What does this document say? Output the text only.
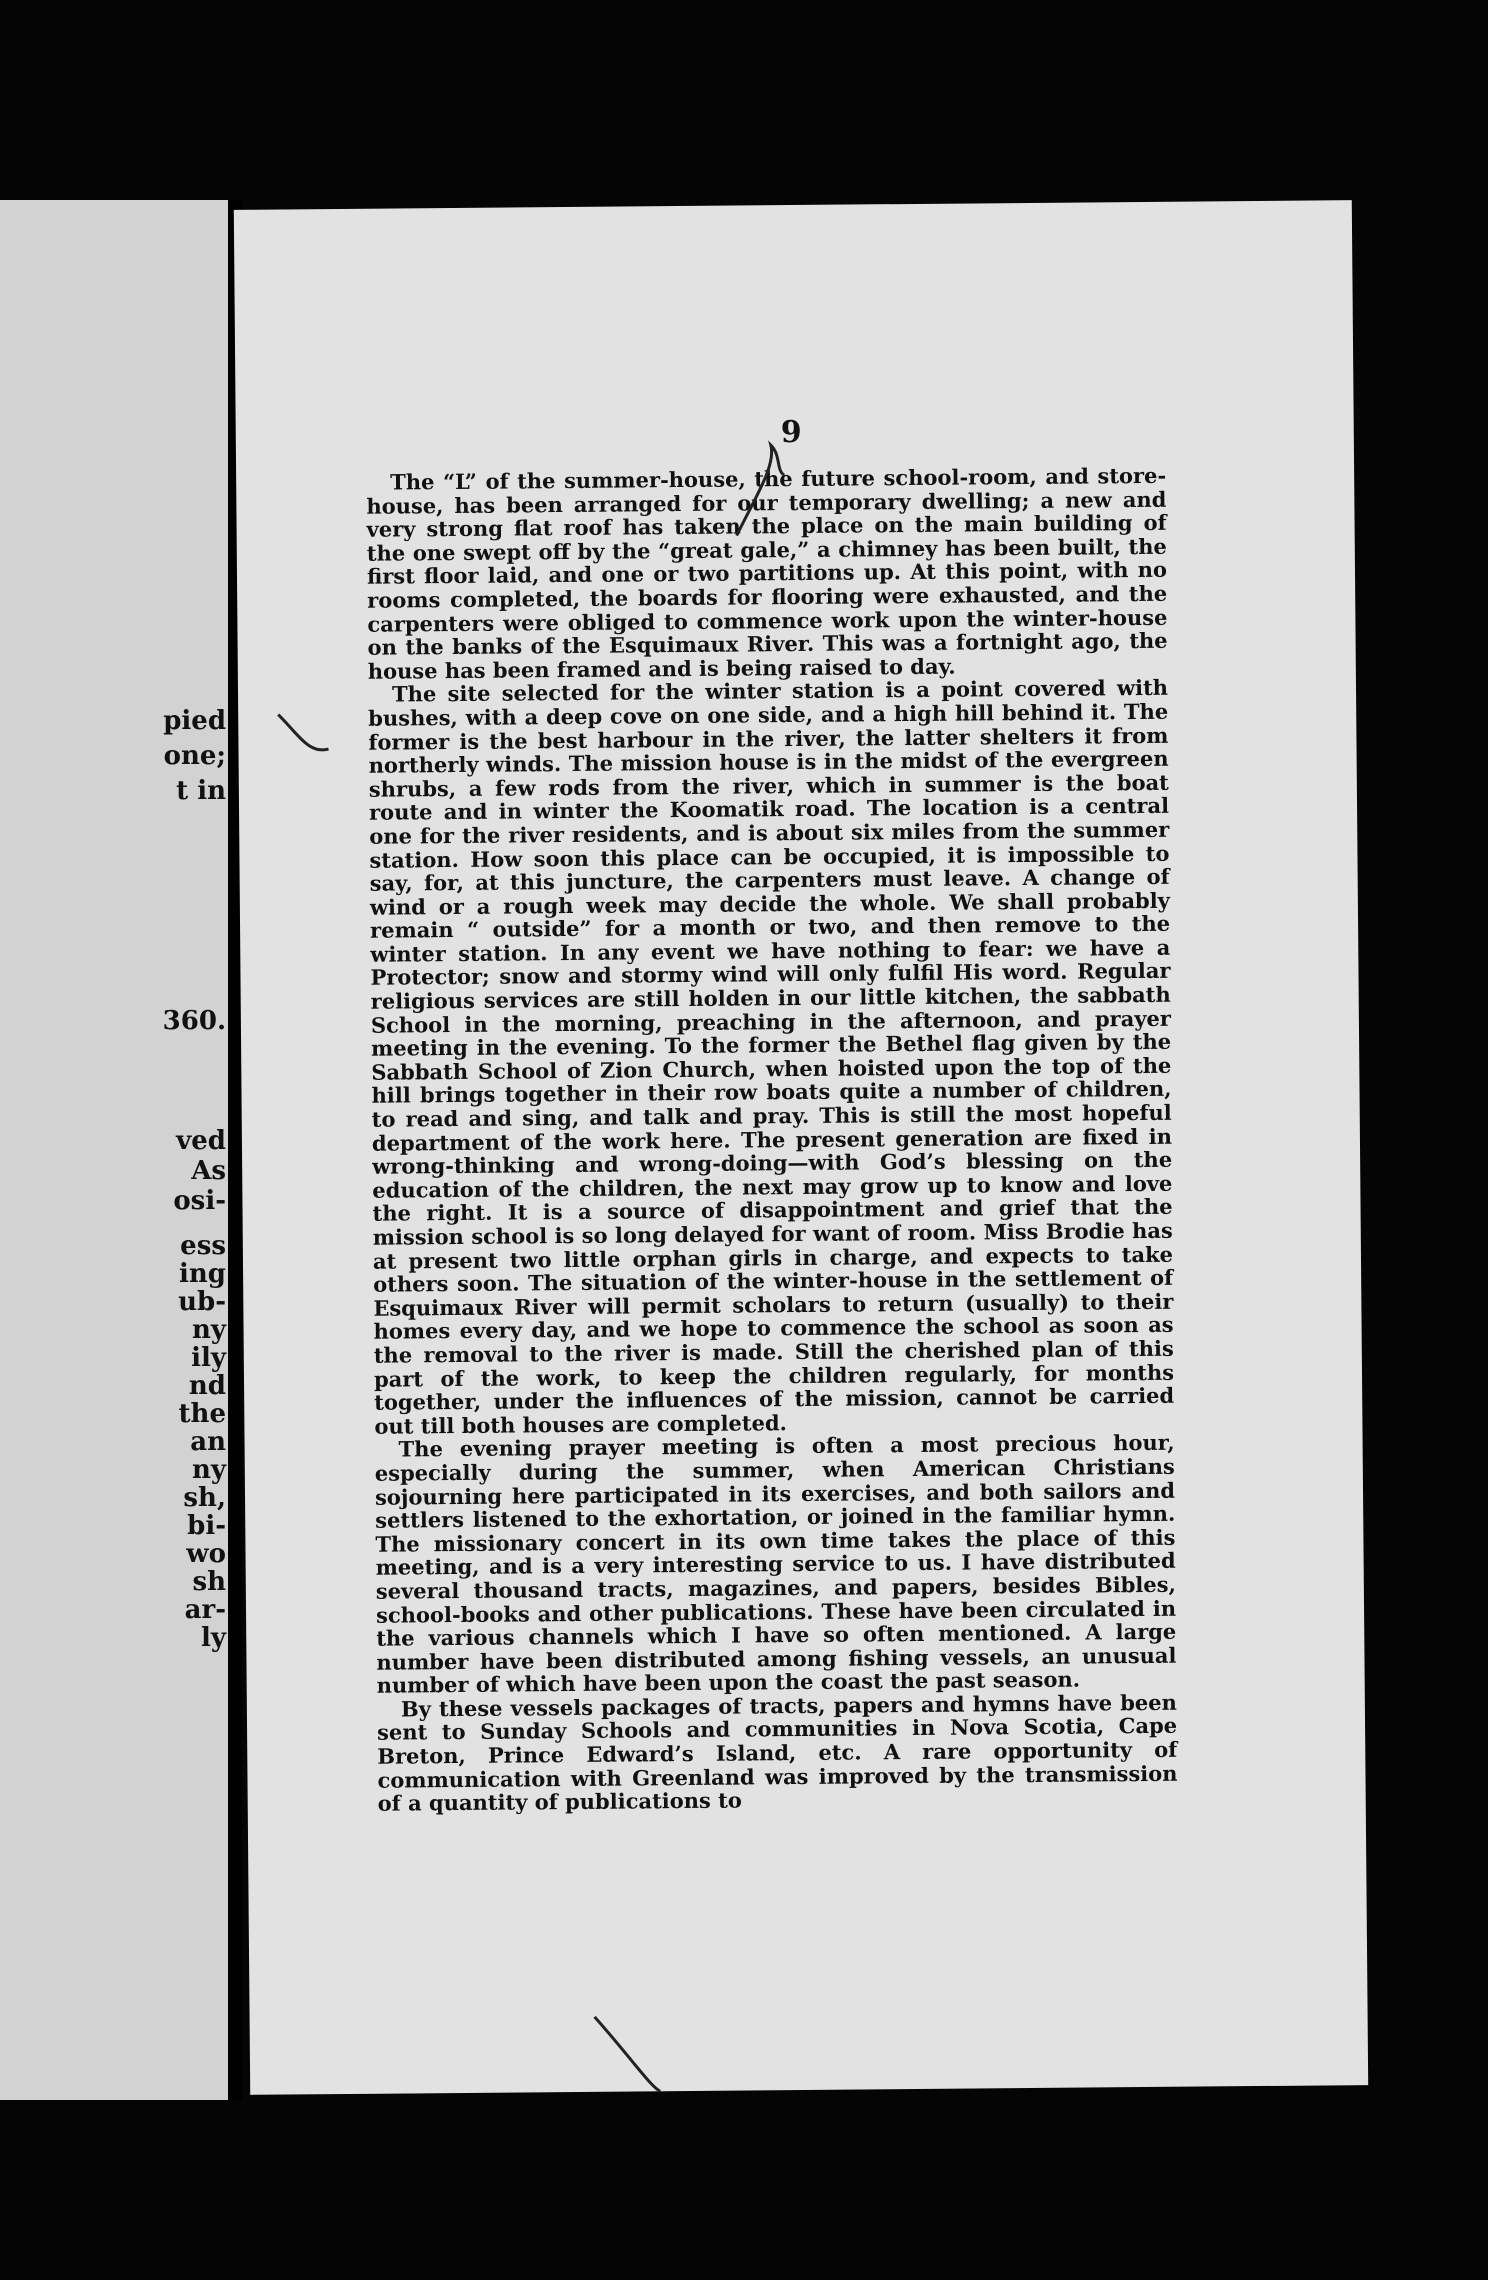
pied
one;
t in
360.
ved
As
osi-
ess
ing
ub-
ny
ily
nd
the
an
ny
sh,
bi-
wo
sh
ar-
ly
9

The “L” of the summer-house, the future school-room, and store-house, has been arranged for our temporary dwelling; a new and very strong flat roof has taken the place on the main building of the one swept off by the “great gale,” a chimney has been built, the first floor laid, and one or two partitions up. At this point, with no rooms completed, the boards for flooring were exhausted, and the carpenters were obliged to commence work upon the winter-house on the banks of the Esquimaux River. This was a fortnight ago, the house has been framed and is being raised to day.

The site selected for the winter station is a point covered with bushes, with a deep cove on one side, and a high hill behind it. The former is the best harbour in the river, the latter shelters it from northerly winds. The mission house is in the midst of the evergreen shrubs, a few rods from the river, which in summer is the boat route and in winter the Koomatik road. The location is a central one for the river residents, and is about six miles from the summer station. How soon this place can be occupied, it is impossible to say, for, at this juncture, the carpenters must leave. A change of wind or a rough week may decide the whole. We shall probably remain “ outside” for a month or two, and then remove to the winter station. In any event we have nothing to fear: we have a Protector; snow and stormy wind will only fulfil His word. Regular religious services are still holden in our little kitchen, the sabbath School in the morning, preaching in the afternoon, and prayer meeting in the evening. To the former the Bethel flag given by the Sabbath School of Zion Church, when hoisted upon the top of the hill brings together in their row boats quite a number of children, to read and sing, and talk and pray. This is still the most hopeful department of the work here. The present generation are fixed in wrong-thinking and wrong-doing—with God’s blessing on the education of the children, the next may grow up to know and love the right. It is a source of disappointment and grief that the mission school is so long delayed for want of room. Miss Brodie has at present two little orphan girls in charge, and expects to take others soon. The situation of the winter-house in the settlement of Esquimaux River will permit scholars to return (usually) to their homes every day, and we hope to commence the school as soon as the removal to the river is made. Still the cherished plan of this part of the work, to keep the children regularly, for months together, under the influences of the mission, cannot be carried out till both houses are completed.

The evening prayer meeting is often a most precious hour, especially during the summer, when American Christians sojourning here participated in its exercises, and both sailors and settlers listened to the exhortation, or joined in the familiar hymn. The missionary concert in its own time takes the place of this meeting, and is a very interesting service to us. I have distributed several thousand tracts, magazines, and papers, besides Bibles, school-books and other publications. These have been circulated in the various channels which I have so often mentioned. A large number have been distributed among fishing vessels, an unusual number of which have been upon the coast the past season.

By these vessels packages of tracts, papers and hymns have been sent to Sunday Schools and communities in Nova Scotia, Cape Breton, Prince Edward’s Island, etc. A rare opportunity of communication with Greenland was improved by the transmission of a quantity of publications to
